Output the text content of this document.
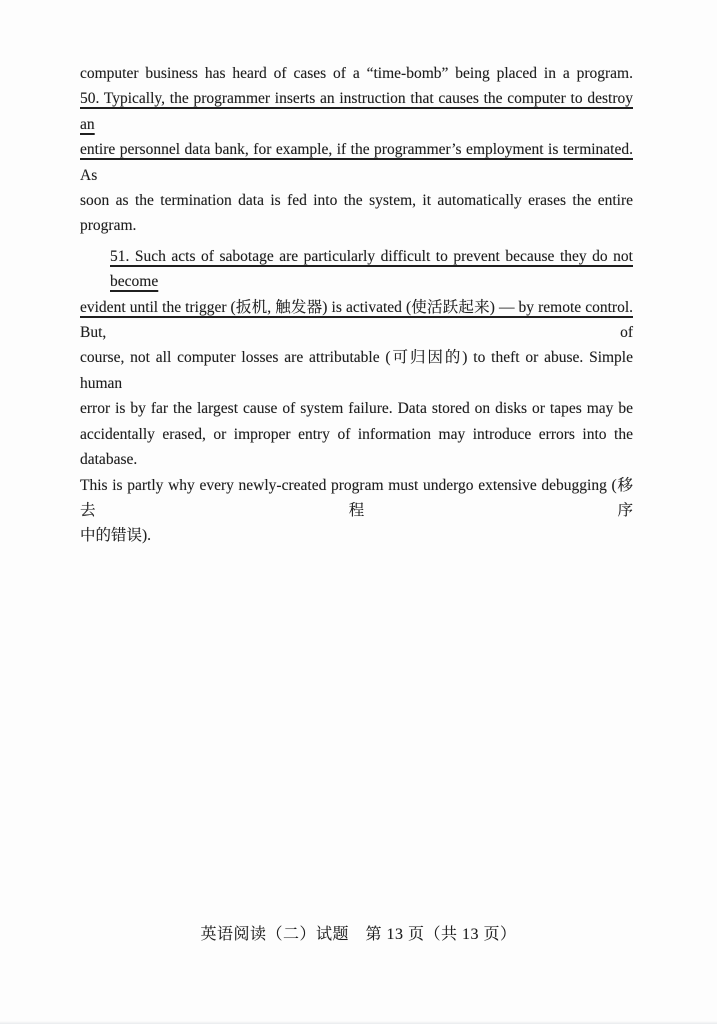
computer business has heard of cases of a “time-bomb” being placed in a program.
50. Typically, the programmer inserts an instruction that causes the computer to destroy an
entire personnel data bank, for example, if the programmer’s employment is terminated. As
soon as the termination data is fed into the system, it automatically erases the entire program.
51. Such acts of sabotage are particularly difficult to prevent because they do not become
evident until the trigger (扳机, 触发器) is activated (使活跃起来) — by remote control. But, of
course, not all computer losses are attributable (可归因的) to theft or abuse. Simple human
error is by far the largest cause of system failure. Data stored on disks or tapes may be
accidentally erased, or improper entry of information may introduce errors into the database.
This is partly why every newly-created program must undergo extensive debugging (移去程序
中的错误).
英语阅读（二）试题　第 13 页（共 13 页）
